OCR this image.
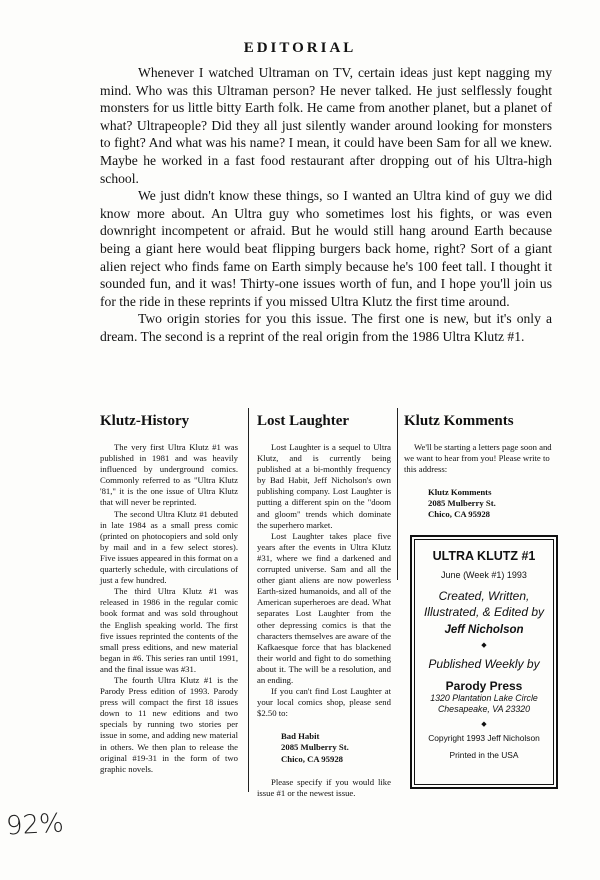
EDITORIAL

Whenever I watched Ultraman on TV, certain ideas just kept nagging my mind. Who was this Ultraman person? He never talked. He just selflessly fought monsters for us little bitty Earth folk. He came from another planet, but a planet of what? Ultrapeople? Did they all just silently wander around looking for monsters to fight? And what was his name? I mean, it could have been Sam for all we knew. Maybe he worked in a fast food restaurant after dropping out of his Ultra-high school.

We just didn't know these things, so I wanted an Ultra kind of guy we did know more about. An Ultra guy who sometimes lost his fights, or was even downright incompetent or afraid. But he would still hang around Earth because being a giant here would beat flipping burgers back home, right? Sort of a giant alien reject who finds fame on Earth simply because he's 100 feet tall. I thought it sounded fun, and it was! Thirty-one issues worth of fun, and I hope you'll join us for the ride in these reprints if you missed Ultra Klutz the first time around.

Two origin stories for you this issue. The first one is new, but it's only a dream. The second is a reprint of the real origin from the 1986 Ultra Klutz #1.

Klutz-History

The very first Ultra Klutz #1 was published in 1981 and was heavily influenced by underground comics. Commonly referred to as "Ultra Klutz '81," it is the one issue of Ultra Klutz that will never be reprinted.

The second Ultra Klutz #1 debuted in late 1984 as a small press comic (printed on photocopiers and sold only by mail and in a few select stores). Five issues appeared in this format on a quarterly schedule, with circulations of just a few hundred.

The third Ultra Klutz #1 was released in 1986 in the regular comic book format and was sold throughout the English speaking world. The first five issues reprinted the contents of the small press editions, and new material began in #6. This series ran until 1991, and the final issue was #31.

The fourth Ultra Klutz #1 is the Parody Press edition of 1993. Parody press will compact the first 18 issues down to 11 new editions and two specials by running two stories per issue in some, and adding new material in others. We then plan to release the original #19-31 in the form of two graphic novels.

Lost Laughter

Lost Laughter is a sequel to Ultra Klutz, and is currently being published at a bi-monthly frequency by Bad Habit, Jeff Nicholson's own publishing company. Lost Laughter is putting a different spin on the "doom and gloom" trends which dominate the superhero market.

Lost Laughter takes place five years after the events in Ultra Klutz #31, where we find a darkened and corrupted universe. Sam and all the other giant aliens are now powerless Earth-sized humanoids, and all of the American superheroes are dead. What separates Lost Laughter from the other depressing comics is that the characters themselves are aware of the Kafkaesque force that has blackened their world and fight to do something about it. The will be a resolution, and an ending.

If you can't find Lost Laughter at your local comics shop, please send $2.50 to:

Bad Habit
2085 Mulberry St.
Chico, CA 95928

Please specify if you would like issue #1 or the newest issue.

Klutz Komments

We'll be starting a letters page soon and we want to hear from you! Please write to this address:

Klutz Komments
2085 Mulberry St.
Chico, CA 95928
ULTRA KLUTZ #1
June (Week #1) 1993
Created, Written,
Illustrated, & Edited by
Jeff Nicholson
◆
Published Weekly by
Parody Press
1320 Plantation Lake Circle
Chesapeake, VA 23320
◆
Copyright 1993 Jeff Nicholson
Printed in the USA
92%
